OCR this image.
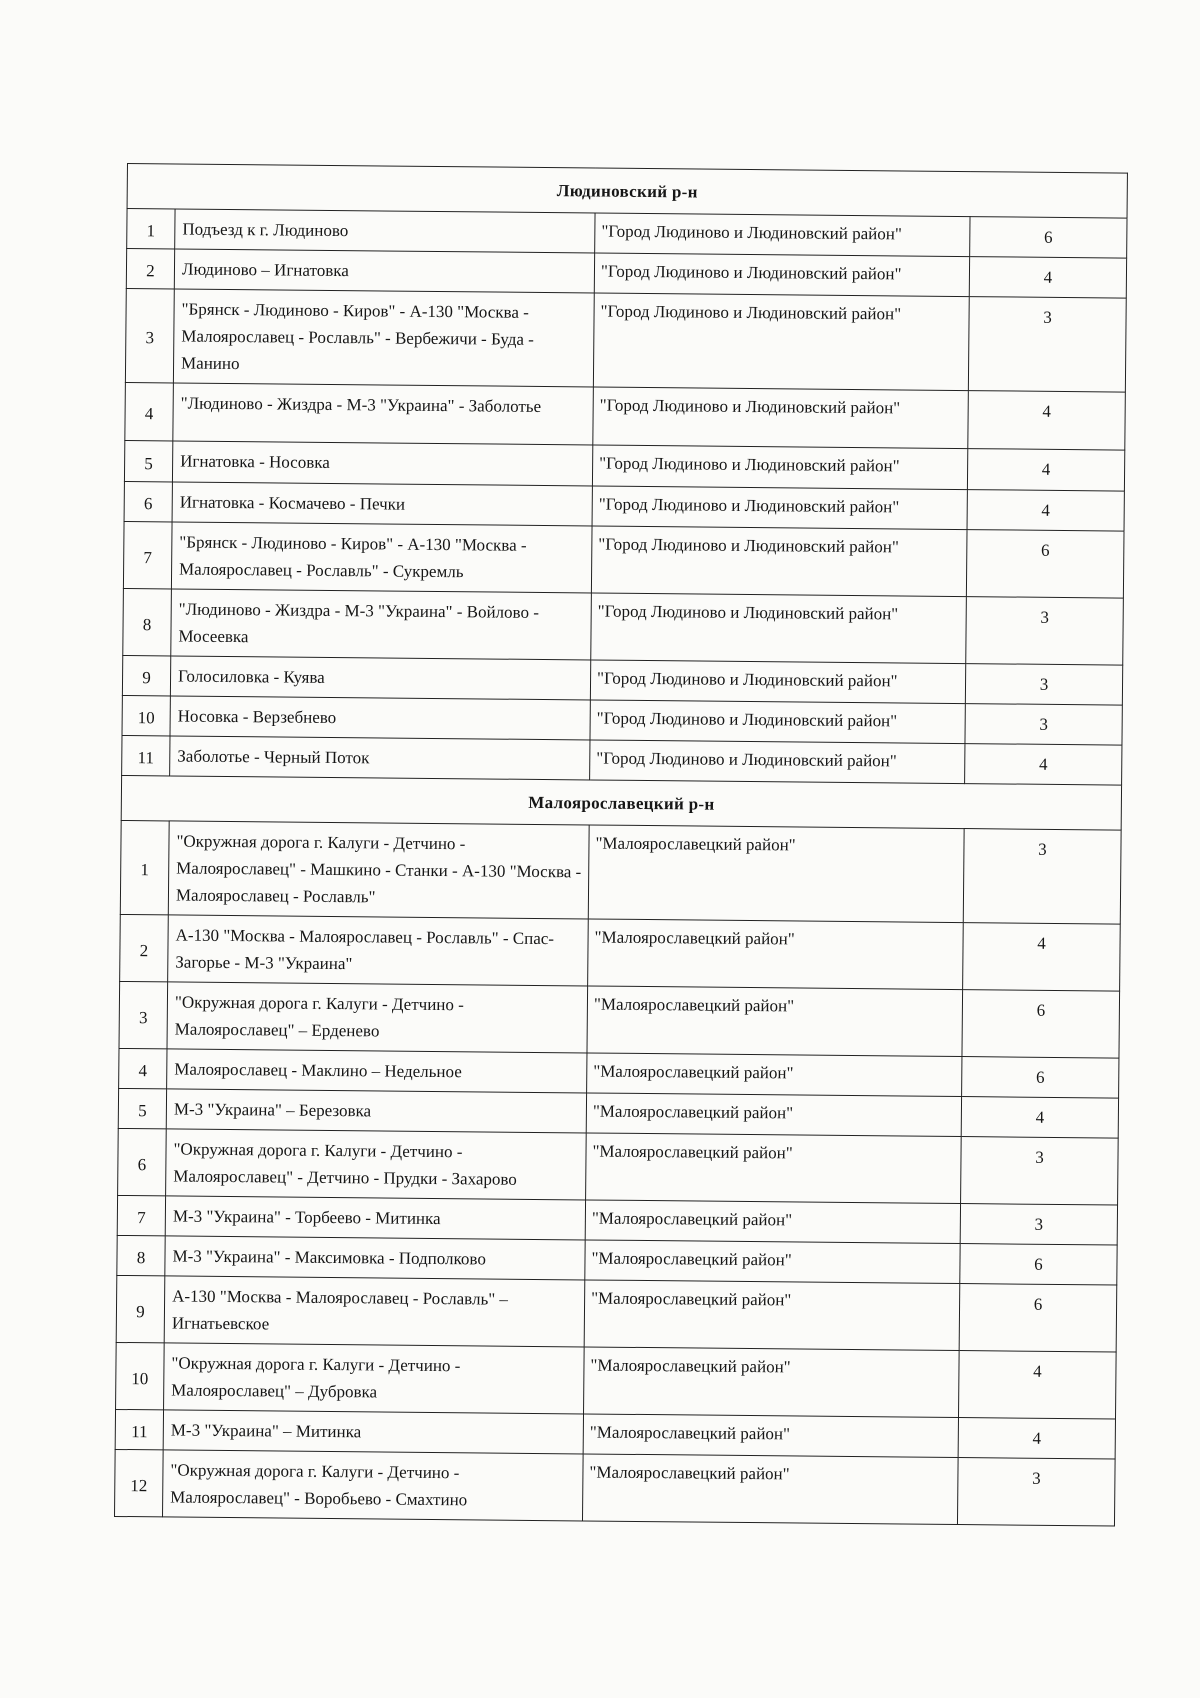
Людиновский р-н			
1	Подъезд к г. Людиново	"Город Людиново и Людиновский район"	6
2	Людиново – Игнатовка	"Город Людиново и Людиновский район"	4
3	"Брянск - Людиново - Киров" - А-130 "Москва - Малоярославец - Рославль" - Вербежичи - Буда - Манино	"Город Людиново и Людиновский район"	3
4	"Людиново - Жиздра - М-3 "Украина" - Заболотье	"Город Людиново и Людиновский район"	4
5	Игнатовка - Носовка	"Город Людиново и Людиновский район"	4
6	Игнатовка - Космачево - Печки	"Город Людиново и Людиновский район"	4
7	"Брянск - Людиново - Киров" - А-130 "Москва - Малоярославец - Рославль" - Сукремль	"Город Людиново и Людиновский район"	6
8	"Людиново - Жиздра - М-3 "Украина" - Войлово - Мосеевка	"Город Людиново и Людиновский район"	3
9	Голосиловка - Куява	"Город Людиново и Людиновский район"	3
10	Носовка - Верзебнево	"Город Людиново и Людиновский район"	3
11	Заболотье - Черный Поток	"Город Людиново и Людиновский район"	4
Малоярославецкий р-н			
1	"Окружная дорога г. Калуги - Детчино - Малоярославец" - Машкино - Станки - А-130 "Москва - Малоярославец - Рославль"	"Малоярославецкий район"	3
2	А-130 "Москва - Малоярославец - Рославль" - Спас-Загорье - М-3 "Украина"	"Малоярославецкий район"	4
3	"Окружная дорога г. Калуги - Детчино - Малоярославец" – Ерденево	"Малоярославецкий район"	6
4	Малоярославец - Маклино – Недельное	"Малоярославецкий район"	6
5	М-3 "Украина" – Березовка	"Малоярославецкий район"	4
6	"Окружная дорога г. Калуги - Детчино - Малоярославец" - Детчино - Прудки - Захарово	"Малоярославецкий район"	3
7	М-3 "Украина" - Торбеево - Митинка	"Малоярославецкий район"	3
8	М-3 "Украина" - Максимовка - Подполково	"Малоярославецкий район"	6
9	А-130 "Москва - Малоярославец - Рославль" – Игнатьевское	"Малоярославецкий район"	6
10	"Окружная дорога г. Калуги - Детчино - Малоярославец" – Дубровка	"Малоярославецкий район"	4
11	М-3 "Украина" – Митинка	"Малоярославецкий район"	4
12	"Окружная дорога г. Калуги - Детчино - Малоярославец" - Воробьево - Смахтино	"Малоярославецкий район"	3
